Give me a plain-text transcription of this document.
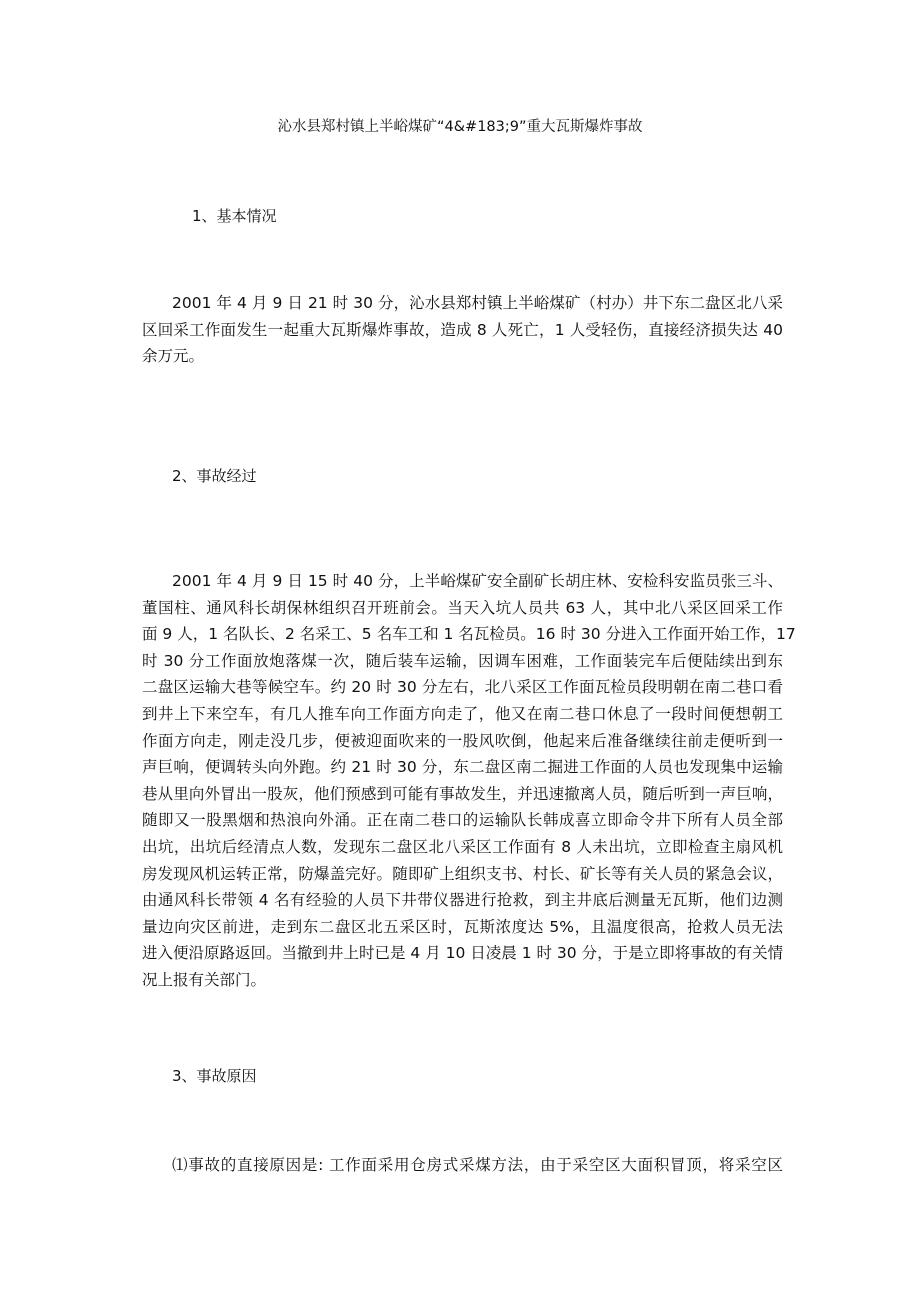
沁水县郑村镇上半峪煤矿“4&#183;9”重大瓦斯爆炸事故
1、基本情况
2001 年 4 月 9 日 21 时 30 分，沁水县郑村镇上半峪煤矿（村办）井下东二盘区北八采
区回采工作面发生一起重大瓦斯爆炸事故，造成 8 人死亡，1 人受轻伤，直接经济损失达 40
余万元。
2、事故经过
2001 年 4 月 9 日 15 时 40 分，上半峪煤矿安全副矿长胡庄林、安检科安监员张三斗、
董国柱、通风科长胡保林组织召开班前会。当天入坑人员共 63 人，其中北八采区回采工作
面 9 人，1 名队长、2 名采工、5 名车工和 1 名瓦检员。16 时 30 分进入工作面开始工作，17
时 30 分工作面放炮落煤一次，随后装车运输，因调车困难，工作面装完车后便陆续出到东
二盘区运输大巷等候空车。约 20 时 30 分左右，北八采区工作面瓦检员段明朝在南二巷口看
到井上下来空车，有几人推车向工作面方向走了，他又在南二巷口休息了一段时间便想朝工
作面方向走，刚走没几步，便被迎面吹来的一股风吹倒，他起来后准备继续往前走便听到一
声巨响，便调转头向外跑。约 21 时 30 分，东二盘区南二掘进工作面的人员也发现集中运输
巷从里向外冒出一股灰，他们预感到可能有事故发生，并迅速撤离人员，随后听到一声巨响，
随即又一股黑烟和热浪向外涌。正在南二巷口的运输队长韩成喜立即命令井下所有人员全部
出坑，出坑后经清点人数，发现东二盘区北八采区工作面有 8 人未出坑，立即检查主扇风机
房发现风机运转正常，防爆盖完好。随即矿上组织支书、村长、矿长等有关人员的紧急会议，
由通风科长带领 4 名有经验的人员下井带仪器进行抢救，到主井底后测量无瓦斯，他们边测
量边向灾区前进，走到东二盘区北五采区时，瓦斯浓度达 5%，且温度很高，抢救人员无法
进入便沿原路返回。当撤到井上时已是 4 月 10 日凌晨 1 时 30 分，于是立即将事故的有关情
况上报有关部门。
3、事故原因
⑴事故的直接原因是: 工作面采用仓房式采煤方法，由于采空区大面积冒顶，将采空区
